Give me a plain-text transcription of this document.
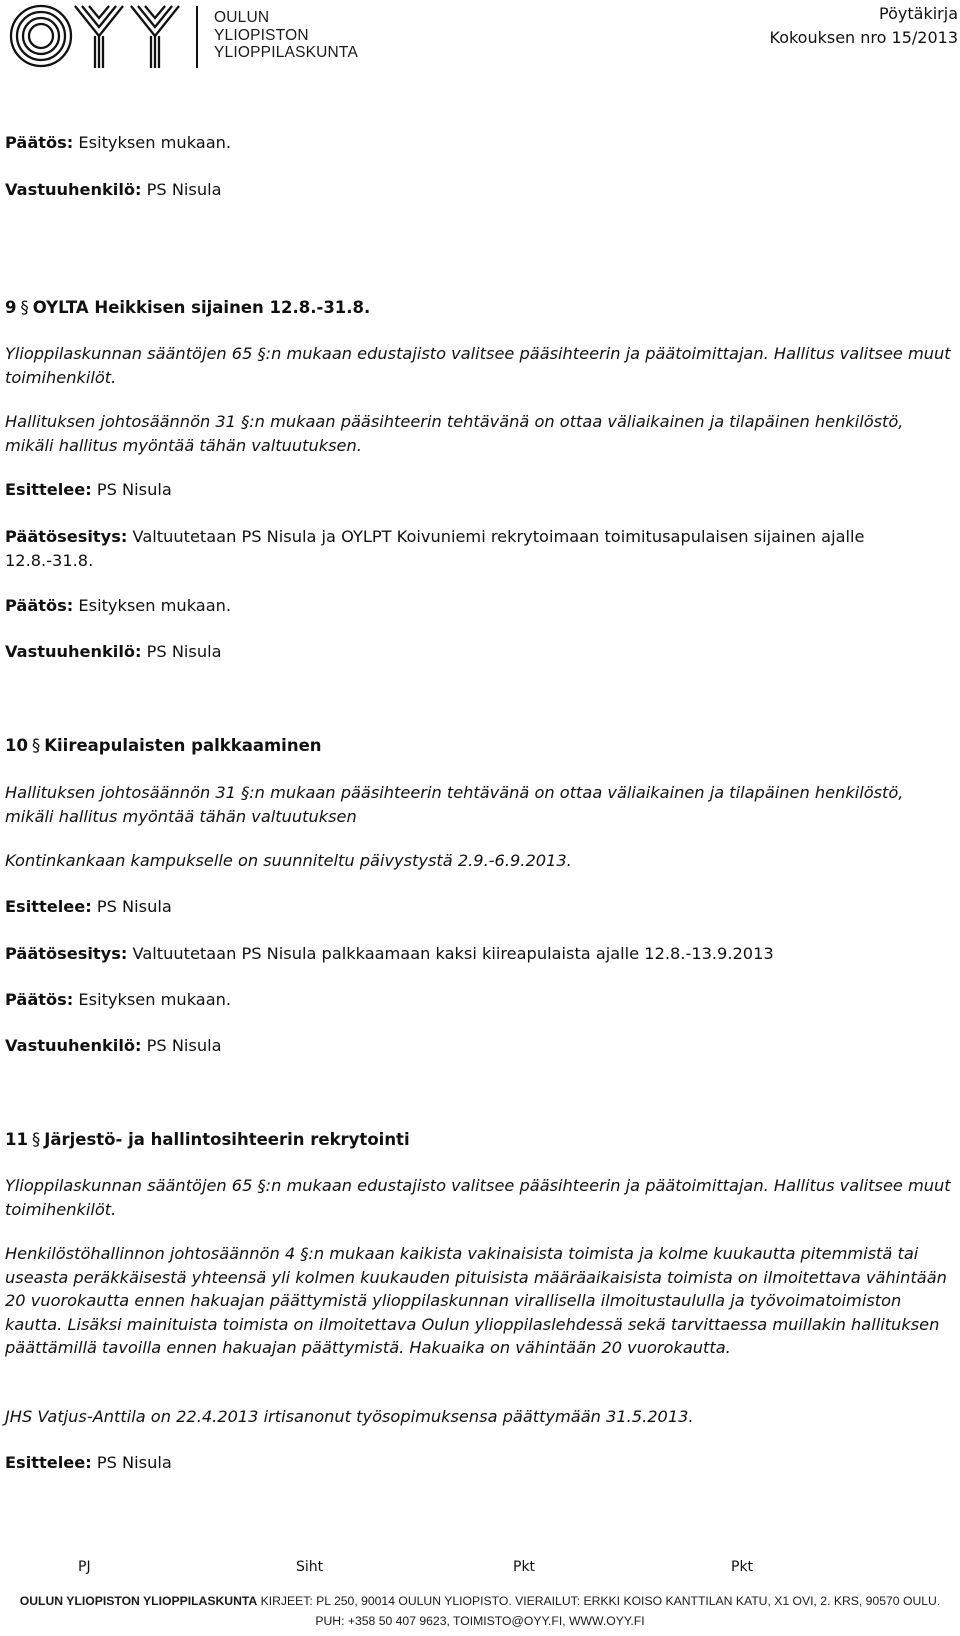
OULUN
YLIOPISTON
YLIOPPILASKUNTA
Pöytäkirja
Kokouksen nro 15/2013
Päätös: Esityksen mukaan.
Vastuuhenkilö: PS Nisula
9 § OYLTA Heikkisen sijainen 12.8.-31.8.
Ylioppilaskunnan sääntöjen 65 §:n mukaan edustajisto valitsee pääsihteerin ja päätoimittajan. Hallitus valitsee muut toimihenkilöt.
Hallituksen johtosäännön 31 §:n mukaan pääsihteerin tehtävänä on ottaa väliaikainen ja tilapäinen henkilöstö, mikäli hallitus myöntää tähän valtuutuksen.
Esittelee: PS Nisula
Päätösesitys: Valtuutetaan PS Nisula ja OYLPT Koivuniemi rekrytoimaan toimitusapulaisen sijainen ajalle 12.8.-31.8.
Päätös: Esityksen mukaan.
Vastuuhenkilö: PS Nisula
10 § Kiireapulaisten palkkaaminen
Hallituksen johtosäännön 31 §:n mukaan pääsihteerin tehtävänä on ottaa väliaikainen ja tilapäinen henkilöstö, mikäli hallitus myöntää tähän valtuutuksen
Kontinkankaan kampukselle on suunniteltu päivystystä 2.9.-6.9.2013.
Esittelee: PS Nisula
Päätösesitys: Valtuutetaan PS Nisula palkkaamaan kaksi kiireapulaista ajalle 12.8.-13.9.2013
Päätös: Esityksen mukaan.
Vastuuhenkilö: PS Nisula
11 § Järjestö- ja hallintosihteerin rekrytointi
Ylioppilaskunnan sääntöjen 65 §:n mukaan edustajisto valitsee pääsihteerin ja päätoimittajan. Hallitus valitsee muut toimihenkilöt.
Henkilöstöhallinnon johtosäännön 4 §:n mukaan kaikista vakinaisista toimista ja kolme kuukautta pitemmistä tai useasta peräkkäisestä yhteensä yli kolmen kuukauden pituisista määräaikaisista toimista on ilmoitettava vähintään 20 vuorokautta ennen hakuajan päättymistä ylioppilaskunnan virallisella ilmoitustaululla ja työvoimatoimiston kautta. Lisäksi mainituista toimista on ilmoitettava Oulun ylioppilaslehdessä sekä tarvittaessa muillakin hallituksen päättämillä tavoilla ennen hakuajan päättymistä. Hakuaika on vähintään 20 vuorokautta.
JHS Vatjus-Anttila on 22.4.2013 irtisanonut työsopimuksensa päättymään 31.5.2013.
Esittelee: PS Nisula
PJ	Siht	Pkt	Pkt
OULUN YLIOPISTON YLIOPPILASKUNTA KIRJEET: PL 250, 90014 OULUN YLIOPISTO. VIERAILUT: ERKKI KOISO KANTTILAN KATU, X1 OVI, 2. KRS, 90570 OULU.
PUH: +358 50 407 9623, TOIMISTO@OYY.FI, WWW.OYY.FI
